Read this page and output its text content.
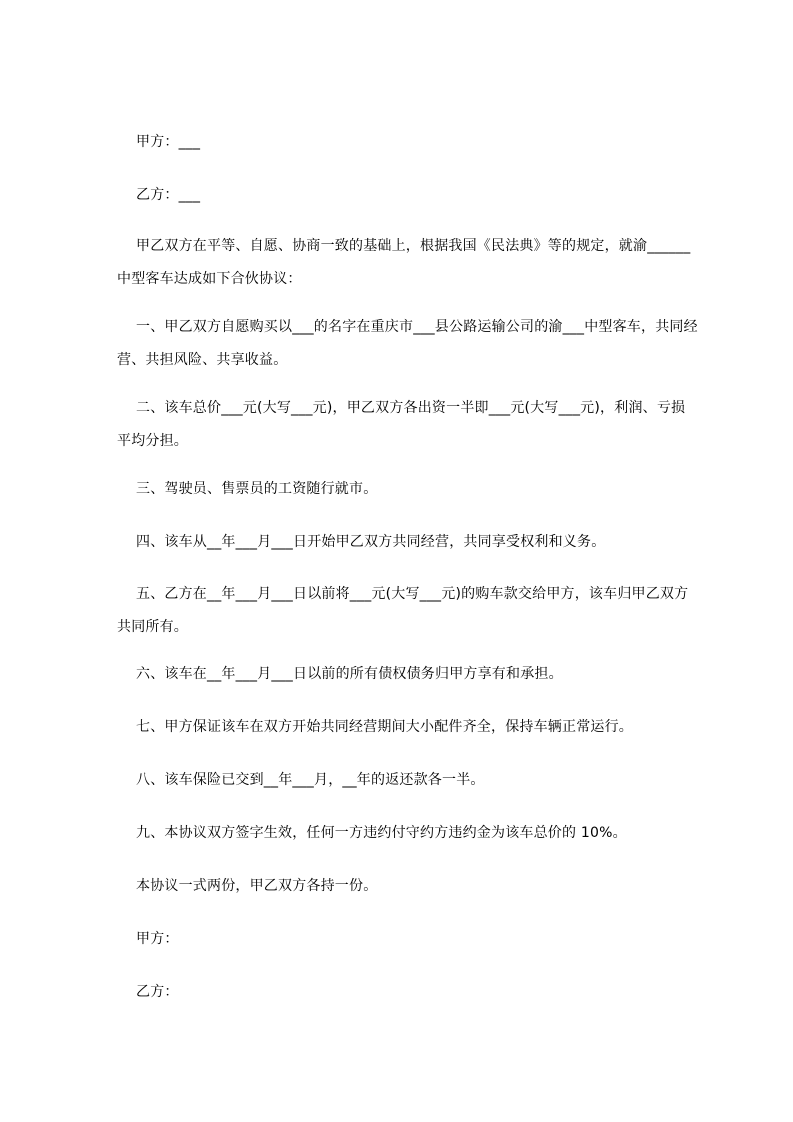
甲方：___
乙方：___
甲乙双方在平等、自愿、协商一致的基础上，根据我国《民法典》等的规定，就渝______中型客车达成如下合伙协议：
一、甲乙双方自愿购买以___的名字在重庆市___县公路运输公司的渝___中型客车，共同经营、共担风险、共享收益。
二、该车总价___元(大写___元)，甲乙双方各出资一半即___元(大写___元)，利润、亏损平均分担。
三、驾驶员、售票员的工资随行就市。
四、该车从__年___月___日开始甲乙双方共同经营，共同享受权利和义务。
五、乙方在__年___月___日以前将___元(大写___元)的购车款交给甲方，该车归甲乙双方共同所有。
六、该车在__年___月___日以前的所有债权债务归甲方享有和承担。
七、甲方保证该车在双方开始共同经营期间大小配件齐全，保持车辆正常运行。
八、该车保险已交到__年___月，__年的返还款各一半。
九、本协议双方签字生效，任何一方违约付守约方违约金为该车总价的 10%。
本协议一式两份，甲乙双方各持一份。
甲方：
乙方：
